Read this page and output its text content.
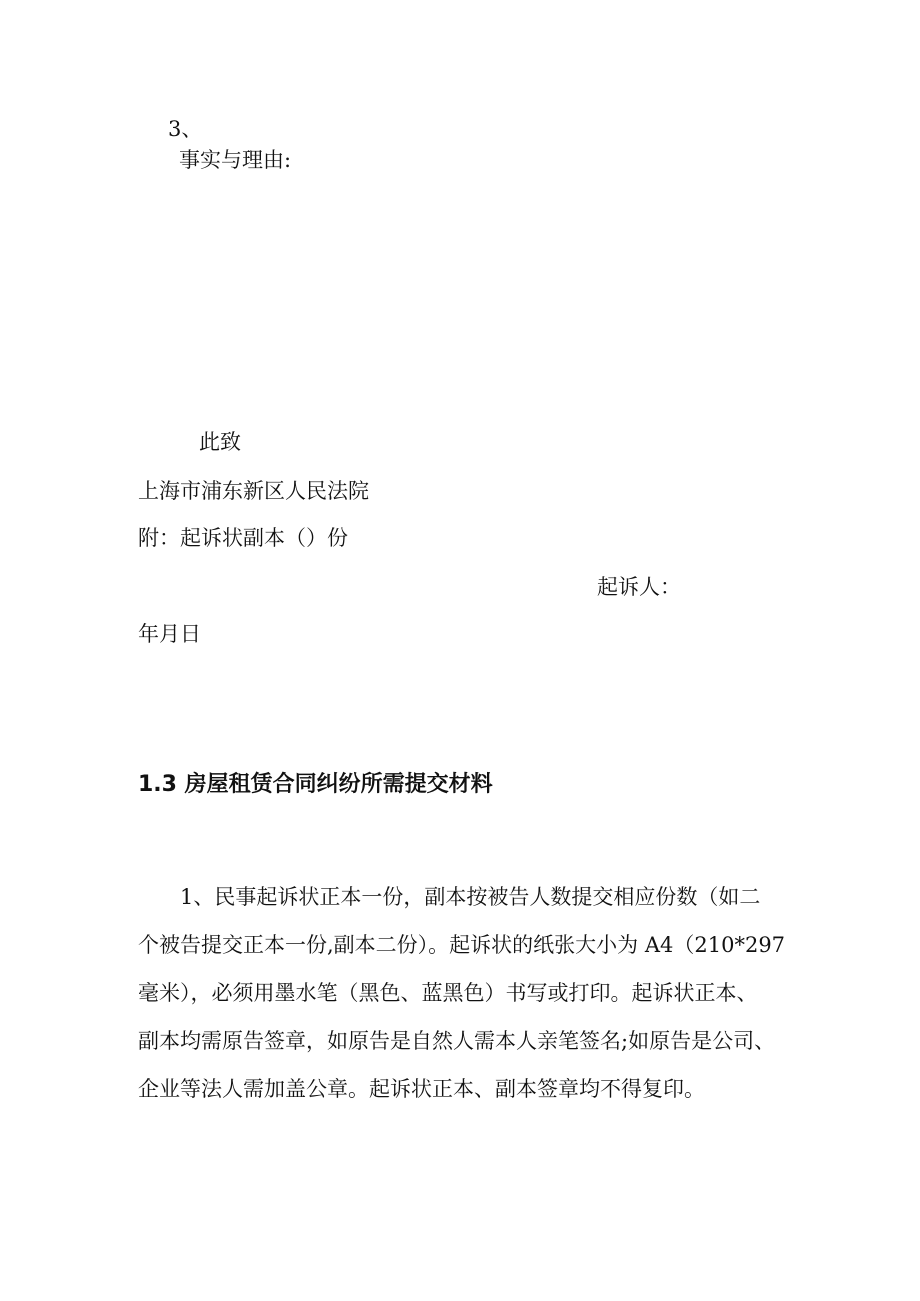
3、

事实与理由:

此致

上海市浦东新区人民法院

附：起诉状副本（）份

起诉人：

年月日

1.3 房屋租赁合同纠纷所需提交材料
1、民事起诉状正本一份，副本按被告人数提交相应份数（如二
个被告提交正本一份,副本二份）。起诉状的纸张大小为 A4（210*297
毫米），必须用墨水笔（黑色、蓝黑色）书写或打印。起诉状正本、
副本均需原告签章，如原告是自然人需本人亲笔签名;如原告是公司、
企业等法人需加盖公章。起诉状正本、副本签章均不得复印。
